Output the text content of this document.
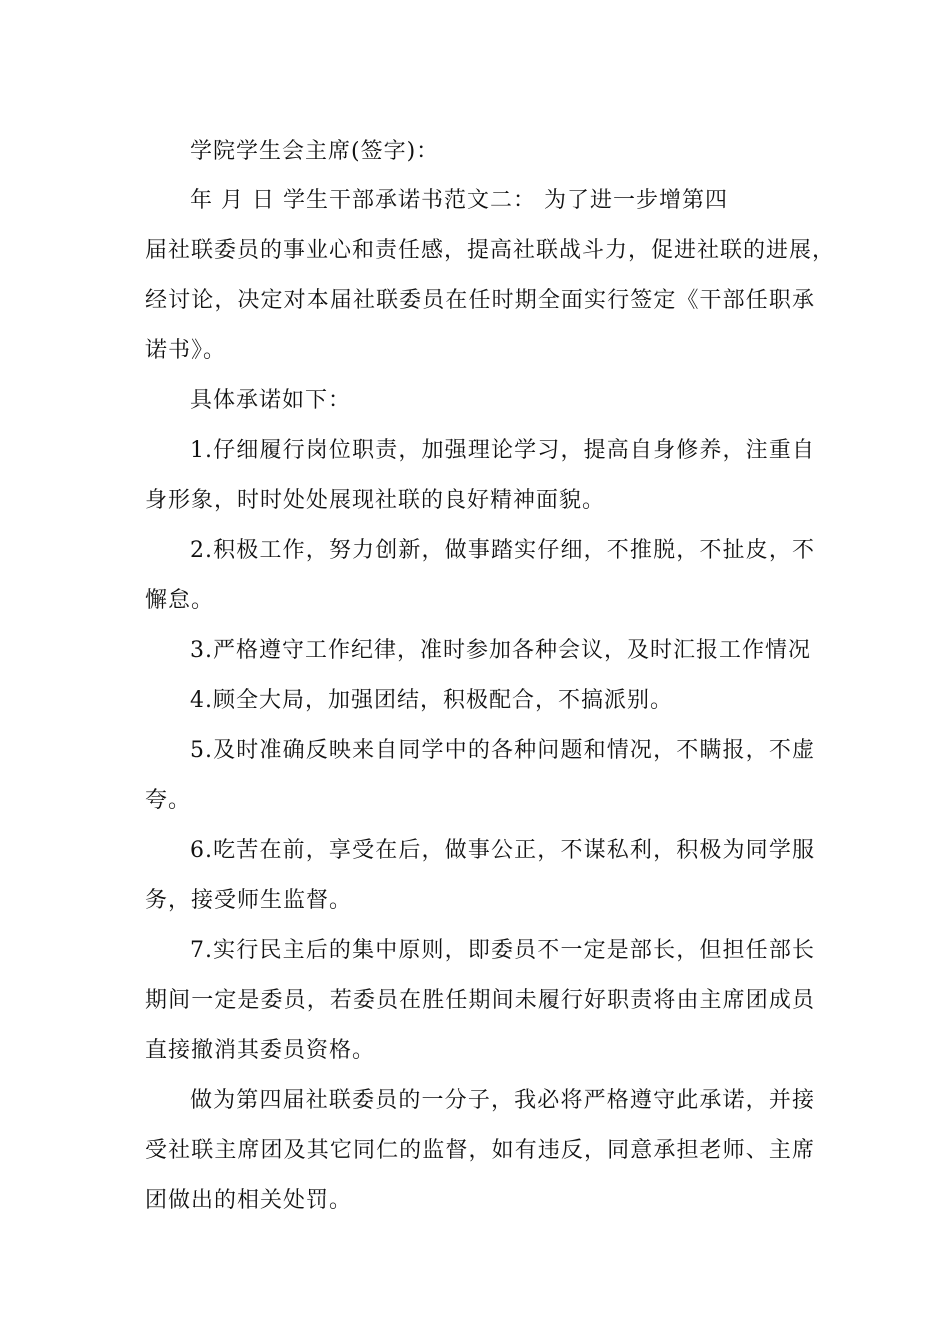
学院学生会主席(签字)：
年 月 日 学生干部承诺书范文二： 为了进一步增第四
届社联委员的事业心和责任感，提高社联战斗力，促进社联的进展，
经讨论，决定对本届社联委员在任时期全面实行签定《干部任职承
诺书》。
具体承诺如下：
1.仔细履行岗位职责，加强理论学习，提高自身修养，注重自
身形象，时时处处展现社联的良好精神面貌。
2.积极工作，努力创新，做事踏实仔细，不推脱，不扯皮，不
懈怠。
3.严格遵守工作纪律，准时参加各种会议，及时汇报工作情况
4.顾全大局，加强团结，积极配合，不搞派别。
5.及时准确反映来自同学中的各种问题和情况，不瞒报，不虚
夸。
6.吃苦在前，享受在后，做事公正，不谋私利，积极为同学服
务，接受师生监督。
7.实行民主后的集中原则，即委员不一定是部长，但担任部长
期间一定是委员，若委员在胜任期间未履行好职责将由主席团成员
直接撤消其委员资格。
做为第四届社联委员的一分子，我必将严格遵守此承诺，并接
受社联主席团及其它同仁的监督，如有违反，同意承担老师、主席
团做出的相关处罚。
